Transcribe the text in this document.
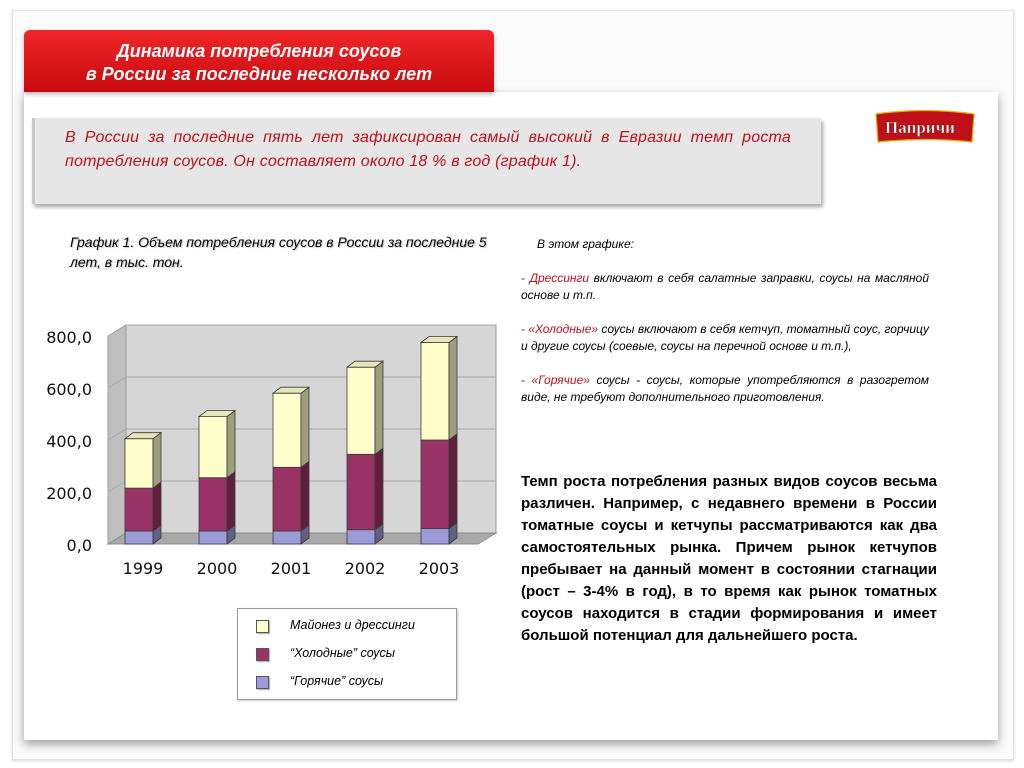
Динамика потребления соусов
в России за последние несколько лет
В России за последние пять лет зафиксирован самый высокий в Евразии темп роста потребления соусов. Он составляет около 18 % в год (график 1).
Папричи
®
График 1. Объем потребления соусов в России за последние 5 лет, в тыс. тон.
800,0
600,0
400,0
200,0
0,0
1999 2000 2001 2002 2003
Майонез и дрессинги
“Холодные” соусы
“Горячие” соусы

В этом графике:

- Дрессинги включают в себя салатные заправки, соусы на масляной основе и т.п.

- «Холодные» соусы включают в себя кетчуп, томатный соус, горчицу и другие соусы (соевые, соусы на перечной основе и т.п.),

- «Горячие» соусы - соусы, которые употребляются в разогретом виде, не требуют дополнительного приготовления.

Темп роста потребления разных видов соусов весьма различен. Например, с недавнего времени в России томатные соусы и кетчупы рассматриваются как два самостоятельных рынка. Причем рынок кетчупов пребывает на данный момент в состоянии стагнации (рост – 3-4% в год), в то время как рынок томатных соусов находится в стадии формирования и имеет большой потенциал для дальнейшего роста.
